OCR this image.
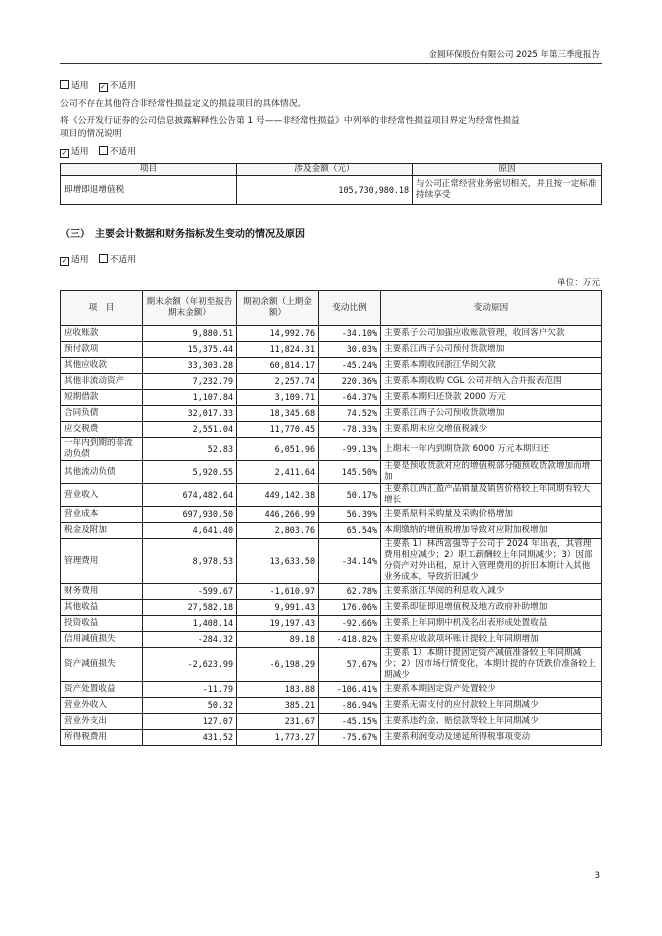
金圆环保股份有限公司 2025 年第三季度报告
适用 ✓ 不适用
公司不存在其他符合非经常性损益定义的损益项目的具体情况。
将《公开发行证券的公司信息披露解释性公告第 1 号——非经常性损益》中列举的非经常性损益项目界定为经常性损益
项目的情况说明
✓ 适用 不适用
项目	涉及金额（元）	原因
即增即退增值税	105,730,980.18	与公司正常经营业务密切相关，并且按一定标准持续享受
（三）　主要会计数据和财务指标发生变动的情况及原因
✓ 适用 不适用
单位：万元
项　目	期末余额（年初至报告期末金额）	期初余额（上期金额）	变动比例	变动原因
应收账款	9,880.51	14,992.76	-34.10%	主要系子公司加强应收账款管理，收回客户欠款
预付款项	15,375.44	11,824.31	30.03%	主要系江西子公司预付货款增加
其他应收款	33,303.28	60,814.17	-45.24%	主要系本期收回浙江华阅欠款
其他非流动资产	7,232.79	2,257.74	220.36%	主要系本期收购 CGL 公司并纳入合并报表范围
短期借款	1,107.84	3,109.71	-64.37%	主要系本期归还贷款 2000 万元
合同负债	32,017.33	18,345.68	74.52%	主要系江西子公司预收货款增加
应交税费	2,551.04	11,770.45	-78.33%	主要系期末应交增值税减少
一年内到期的非流动负债	52.83	6,051.96	-99.13%	上期末一年内到期贷款 6000 万元本期归还
其他流动负债	5,920.55	2,411.64	145.50%	主要是预收货款对应的增值税部分随预收货款增加而增加
营业收入	674,482.64	449,142.38	50.17%	主要系江西汇盈产品销量及销售价格较上年同期有较大增长
营业成本	697,930.50	446,266.99	56.39%	主要系原料采购量及采购价格增加
税金及附加	4,641.40	2,803.76	65.54%	本期缴纳的增值税增加导致对应附加税增加
管理费用	8,978.53	13,633.50	-34.14%	主要系 1）林西富强等子公司于 2024 年出表，其管理费用相应减少；2）职工薪酬较上年同期减少；3）因部分资产对外出租，原计入管理费用的折旧本期计入其他业务成本，导致折旧减少
财务费用	-599.67	-1,610.97	62.78%	主要系浙江华阅的利息收入减少
其他收益	27,582.18	9,991.43	176.06%	主要系即征即退增值税及地方政府补助增加
投资收益	1,408.14	19,197.43	-92.66%	主要系上年同期中机茂名出表形成处置收益
信用减值损失	-284.32	89.18	-418.82%	主要系应收款项坏账计提较上年同期增加
资产减值损失	-2,623.99	-6,198.29	57.67%	主要系 1）本期计提固定资产减值准备较上年同期减少；2）因市场行情变化，本期计提的存货跌价准备较上期减少
资产处置收益	-11.79	183.88	-106.41%	主要系本期固定资产处置较少
营业外收入	50.32	385.21	-86.94%	主要系无需支付的应付款较上年同期减少
营业外支出	127.07	231.67	-45.15%	主要系违约金、赔偿款等较上年同期减少
所得税费用	431.52	1,773.27	-75.67%	主要系利润变动及递延所得税事项变动
3
